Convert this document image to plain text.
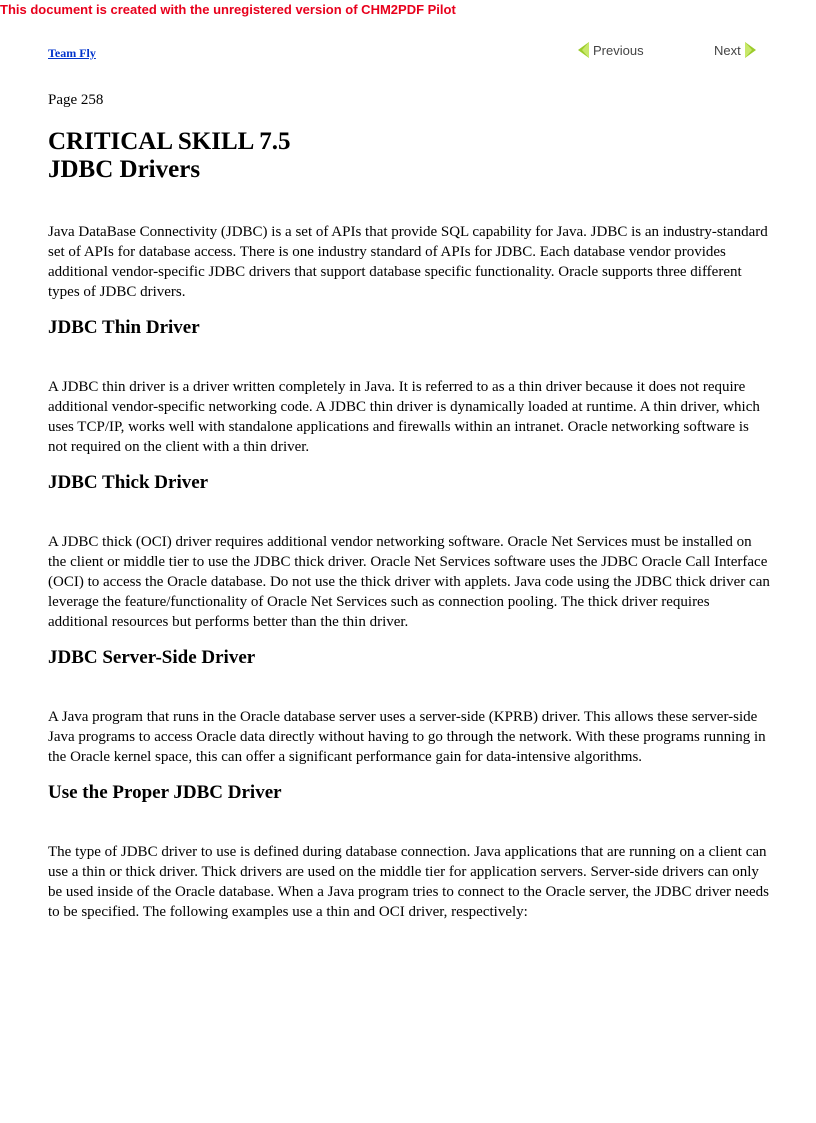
This document is created with the unregistered version of CHM2PDF Pilot
Team Fly	Previous	Next
Page 258
CRITICAL SKILL 7.5
JDBC Drivers

Java DataBase Connectivity (JDBC) is a set of APIs that provide SQL capability for Java. JDBC is an industry-standard set of APIs for database access. There is one industry standard of APIs for JDBC. Each database vendor provides additional vendor-specific JDBC drivers that support database specific functionality. Oracle supports three different types of JDBC drivers.

JDBC Thin Driver

A JDBC thin driver is a driver written completely in Java. It is referred to as a thin driver because it does not require additional vendor-specific networking code. A JDBC thin driver is dynamically loaded at runtime. A thin driver, which uses TCP/IP, works well with standalone applications and firewalls within an intranet. Oracle networking software is not required on the client with a thin driver.

JDBC Thick Driver

A JDBC thick (OCI) driver requires additional vendor networking software. Oracle Net Services must be installed on the client or middle tier to use the JDBC thick driver. Oracle Net Services software uses the JDBC Oracle Call Interface (OCI) to access the Oracle database. Do not use the thick driver with applets. Java code using the JDBC thick driver can leverage the feature/functionality of Oracle Net Services such as connection pooling. The thick driver requires additional resources but performs better than the thin driver.

JDBC Server-Side Driver

A Java program that runs in the Oracle database server uses a server-side (KPRB) driver. This allows these server-side Java programs to access Oracle data directly without having to go through the network. With these programs running in the Oracle kernel space, this can offer a significant performance gain for data-intensive algorithms.

Use the Proper JDBC Driver

The type of JDBC driver to use is defined during database connection. Java applications that are running on a client can use a thin or thick driver. Thick drivers are used on the middle tier for application servers. Server-side drivers can only be used inside of the Oracle database. When a Java program tries to connect to the Oracle server, the JDBC driver needs to be specified. The following examples use a thin and OCI driver, respectively:
